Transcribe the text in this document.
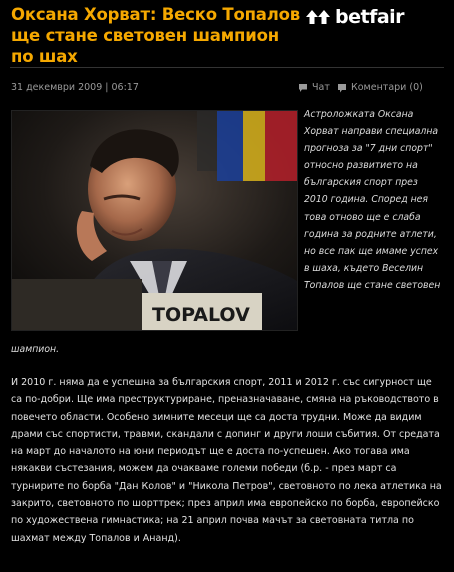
Оксана Хорват: Веско Топалов ще стане световен шампион по шах
betfair
31 декември 2009 | 06:17	Чат Коментари (0)
TOPALOV
Астроложката Оксана Хорват направи специална прогноза за "7 дни спорт" относно развитието на българския спорт през 2010 година. Според нея това отново ще е слаба година за родните атлети, но все пак ще имаме успех в шаха, където Веселин Топалов ще стане световен
шампион.
И 2010 г. няма да е успешна за българския спорт, 2011 и 2012 г. със сигурност ще са по-добри. Ще има преструктуриране, преназначаване, смяна на ръководството в повечето области. Особено зимните месеци ще са доста трудни. Може да видим драми със спортисти, травми, скандали с допинг и други лоши събития. От средата на март до началото на юни периодът ще е доста по-успешен. Ако тогава има някакви състезания, можем да очакваме големи победи (б.р. - през март са турнирите по борба "Дан Колов" и "Никола Петров", световното по лека атлетика на закрито, световното по шорттрек; през април има европейско по борба, европейско по художествена гимнастика; на 21 април почва мачът за световната титла по шахмат между Топалов и Ананд).
